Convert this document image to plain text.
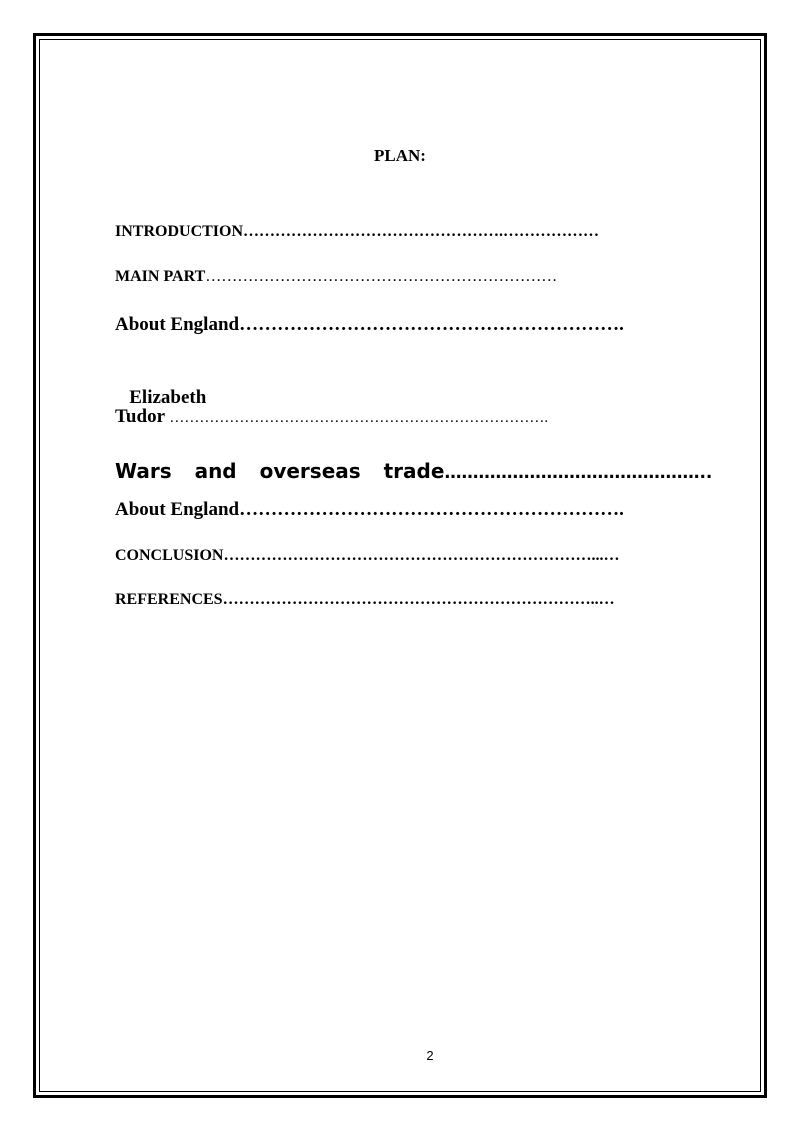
PLAN:
INTRODUCTION………………………………………….………………
MAIN PART…………………………………………………………
About England…………………………………………………….

Elizabeth

Tudor ………………………………………………………………….
Wars and overseas trade………………………………………..
About England…………………………………………………….
CONCLUSION……………………………………………………………...…
REFERENCES……………………………………………………………..…
2
